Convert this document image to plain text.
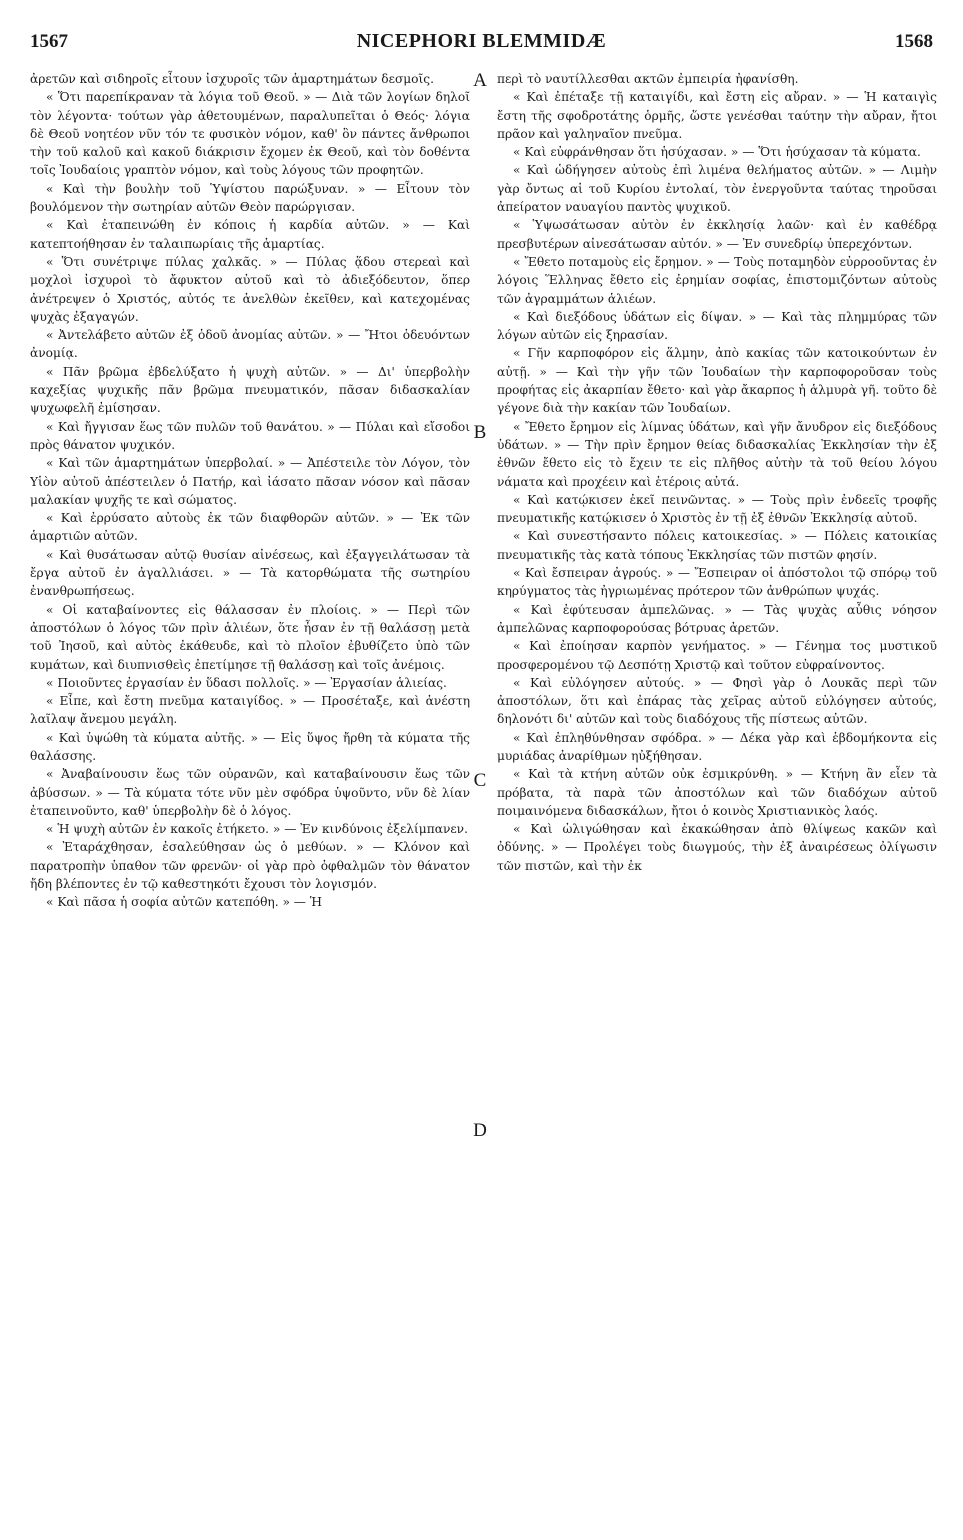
1567	NICEPHORI BLEMMIDÆ	1568

ἀρετῶν καὶ σιδηροῖς εἶτουν ἰσχυροῖς τῶν ἁμαρτημάτων δεσμοῖς.

« Ὅτι παρεπίκραναν τὰ λόγια τοῦ Θεοῦ. » — Διὰ τῶν λογίων δηλοῖ τὸν λέγοντα· τούτων γὰρ ἀθετουμένων, παραλυπεῖται ὁ Θεός· λόγια δὲ Θεοῦ νοητέον νῦν τόν τε φυσικὸν νόμον, καθ' ὃν πάντες ἄνθρωποι τὴν τοῦ καλοῦ καὶ κακοῦ διάκρισιν ἔχομεν ἐκ Θεοῦ, καὶ τὸν δοθέντα τοῖς Ἰουδαίοις γραπτὸν νόμον, καὶ τοὺς λόγους τῶν προφητῶν.

« Καὶ τὴν βουλὴν τοῦ Ὑψίστου παρώξυναν. » — Εἶτουν τὸν βουλόμενον τὴν σωτηρίαν αὐτῶν Θεὸν παρώργισαν.

« Καὶ ἐταπεινώθη ἐν κόποις ἡ καρδία αὐτῶν. » — Καὶ κατεπτοήθησαν ἐν ταλαιπωρίαις τῆς ἁμαρτίας.

« Ὅτι συνέτριψε πύλας χαλκᾶς. » — Πύλας ᾅδου στερεαὶ καὶ μοχλοὶ ἰσχυροὶ τὸ ἄφυκτον αὐτοῦ καὶ τὸ ἀδιεξόδευτον, ὅπερ ἀνέτρεψεν ὁ Χριστός, αὐτός τε ἀνελθὼν ἐκεῖθεν, καὶ κατεχομένας ψυχὰς ἐξαγαγών.

« Ἀντελάβετο αὐτῶν ἐξ ὁδοῦ ἀνομίας αὐτῶν. » — Ἤτοι ὁδευόντων ἀνομίᾳ.

« Πᾶν βρῶμα ἐβδελύξατο ἡ ψυχὴ αὐτῶν. » — Δι' ὑπερβολὴν καχεξίας ψυχικῆς πᾶν βρῶμα πνευματικόν, πᾶσαν διδασκαλίαν ψυχωφελῆ ἐμίσησαν.

« Καὶ ἤγγισαν ἕως τῶν πυλῶν τοῦ θανάτου. » — Πύλαι καὶ εἴσοδοι πρὸς θάνατον ψυχικόν.

« Καὶ τῶν ἁμαρτημάτων ὑπερβολαί. » — Ἀπέστειλε τὸν Λόγον, τὸν Υἱὸν αὐτοῦ ἀπέστειλεν ὁ Πατήρ, καὶ ἰάσατο πᾶσαν νόσον καὶ πᾶσαν μαλακίαν ψυχῆς τε καὶ σώματος.

« Καὶ ἐρρύσατο αὐτοὺς ἐκ τῶν διαφθορῶν αὐτῶν. » — Ἐκ τῶν ἁμαρτιῶν αὐτῶν.

« Καὶ θυσάτωσαν αὐτῷ θυσίαν αἰνέσεως, καὶ ἐξαγγειλάτωσαν τὰ ἔργα αὐτοῦ ἐν ἀγαλλιάσει. » — Τὰ κατορθώματα τῆς σωτηρίου ἐνανθρωπήσεως.

« Οἱ καταβαίνοντες εἰς θάλασσαν ἐν πλοίοις. » — Περὶ τῶν ἀποστόλων ὁ λόγος τῶν πρὶν ἁλιέων, ὅτε ἦσαν ἐν τῇ θαλάσσῃ μετὰ τοῦ Ἰησοῦ, καὶ αὐτὸς ἐκάθευδε, καὶ τὸ πλοῖον ἐβυθίζετο ὑπὸ τῶν κυμάτων, καὶ διυπνισθεὶς ἐπετίμησε τῇ θαλάσσῃ καὶ τοῖς ἀνέμοις.

« Ποιοῦντες ἐργασίαν ἐν ὕδασι πολλοῖς. » — Ἐργασίαν ἁλιείας.

« Εἶπε, καὶ ἔστη πνεῦμα καταιγίδος. » — Προσέταξε, καὶ ἀνέστη λαῖλαψ ἄνεμου μεγάλη.

« Καὶ ὑψώθη τὰ κύματα αὐτῆς. » — Εἰς ὕψος ἤρθη τὰ κύματα τῆς θαλάσσης.

« Ἀναβαίνουσιν ἕως τῶν οὐρανῶν, καὶ καταβαίνουσιν ἕως τῶν ἀβύσσων. » — Τὰ κύματα τότε νῦν μὲν σφόδρα ὑψοῦντο, νῦν δὲ λίαν ἐταπεινοῦντο, καθ' ὑπερβολὴν δὲ ὁ λόγος.

« Ἡ ψυχὴ αὐτῶν ἐν κακοῖς ἐτήκετο. » — Ἐν κινδύνοις ἐξελίμπανεν.

« Ἐταράχθησαν, ἐσαλεύθησαν ὡς ὁ μεθύων. » — Κλόνον καὶ παρατροπὴν ὑπαθον τῶν φρενῶν· οἱ γὰρ πρὸ ὀφθαλμῶν τὸν θάνατον ἤδη βλέποντες ἐν τῷ καθεστηκότι ἔχουσι τὸν λογισμόν.

« Καὶ πᾶσα ἡ σοφία αὐτῶν κατεπόθη. » — Ἡ

περὶ τὸ ναυτίλλεσθαι ακτῶν ἐμπειρία ἠφανίσθη.

« Καὶ ἐπέταξε τῇ καταιγίδι, καὶ ἔστη εἰς αὔραν. » — Ἡ καταιγὶς ἔστη τῆς σφοδροτάτης ὁρμῆς, ὥστε γενέσθαι ταύτην τὴν αὔραν, ἤτοι πρᾶον καὶ γαληναῖον πνεῦμα.

« Καὶ εὐφράνθησαν ὅτι ἡσύχασαν. » — Ὅτι ἡσύχασαν τὰ κύματα.

« Καὶ ὡδήγησεν αὐτοὺς ἐπὶ λιμένα θελήματος αὐτῶν. » — Λιμὴν γὰρ ὄντως αἱ τοῦ Κυρίου ἐντολαί, τὸν ἐνεργοῦντα ταύτας τηροῦσαι ἀπείρατον ναυαγίου παντὸς ψυχικοῦ.

« Ὑψωσάτωσαν αὐτὸν ἐν ἐκκλησίᾳ λαῶν· καὶ ἐν καθέδρᾳ πρεσβυτέρων αἰνεσάτωσαν αὐτόν. » — Ἐν συνεδρίῳ ὑπερεχόντων.

« Ἔθετο ποταμοὺς εἰς ἔρημον. » — Τοὺς ποταμηδὸν εὐρροοῦντας ἐν λόγοις Ἕλληνας ἔθετο εἰς ἐρημίαν σοφίας, ἐπιστομιζόντων αὐτοὺς τῶν ἀγραμμάτων ἁλιέων.

« Καὶ διεξόδους ὑδάτων εἰς δίψαν. » — Καὶ τὰς πλημμύρας τῶν λόγων αὐτῶν εἰς ξηρασίαν.

« Γῆν καρποφόρον εἰς ἅλμην, ἀπὸ κακίας τῶν κατοικούντων ἐν αὐτῇ. » — Καὶ τὴν γῆν τῶν Ἰουδαίων τὴν καρποφοροῦσαν τοὺς προφήτας εἰς ἀκαρπίαν ἔθετο· καὶ γὰρ ἄκαρπος ἡ ἁλμυρὰ γῆ. τοῦτο δὲ γέγονε διὰ τὴν κακίαν τῶν Ἰουδαίων.

« Ἔθετο ἔρημον εἰς λίμνας ὑδάτων, καὶ γῆν ἄνυδρον εἰς διεξόδους ὑδάτων. » — Τὴν πρὶν ἔρημον θείας διδασκαλίας Ἐκκλησίαν τὴν ἐξ ἐθνῶν ἔθετο εἰς τὸ ἔχειν τε εἰς πλῆθος αὐτὴν τὰ τοῦ θείου λόγου νάματα καὶ προχέειν καὶ ἑτέροις αὐτά.

« Καὶ κατῴκισεν ἐκεῖ πεινῶντας. » — Τοὺς πρὶν ἐνδεεῖς τροφῆς πνευματικῆς κατῴκισεν ὁ Χριστὸς ἐν τῇ ἐξ ἐθνῶν Ἐκκλησίᾳ αὐτοῦ.

« Καὶ συνεστήσαντο πόλεις κατοικεσίας. » — Πόλεις κατοικίας πνευματικῆς τὰς κατὰ τόπους Ἐκκλησίας τῶν πιστῶν φησίν.

« Καὶ ἔσπειραν ἀγρούς. » — Ἔσπειραν οἱ ἀπόστολοι τῷ σπόρῳ τοῦ κηρύγματος τὰς ἠγριωμένας πρότερον τῶν ἀνθρώπων ψυχάς.

« Καὶ ἐφύτευσαν ἀμπελῶνας. » — Τὰς ψυχὰς αὖθις νόησον ἀμπελῶνας καρποφορούσας βότρυας ἀρετῶν.

« Καὶ ἐποίησαν καρπὸν γενήματος. » — Γένημα τος μυστικοῦ προσφερομένου τῷ Δεσπότῃ Χριστῷ καὶ τοῦτον εὐφραίνοντος.

« Καὶ εὐλόγησεν αὐτούς. » — Φησὶ γὰρ ὁ Λουκᾶς περὶ τῶν ἀποστόλων, ὅτι καὶ ἐπάρας τὰς χεῖρας αὐτοῦ εὐλόγησεν αὐτούς, δηλονότι δι' αὐτῶν καὶ τοὺς διαδόχους τῆς πίστεως αὐτῶν.

« Καὶ ἐπληθύνθησαν σφόδρα. » — Δέκα γὰρ καὶ ἑβδομήκοντα εἰς μυριάδας ἀναρίθμων ηὐξήθησαν.

« Καὶ τὰ κτήνη αὐτῶν οὐκ ἐσμικρύνθη. » — Κτήνη ἂν εἶεν τὰ πρόβατα, τὰ παρὰ τῶν ἀποστόλων καὶ τῶν διαδόχων αὐτοῦ ποιμαινόμενα διδασκάλων, ἤτοι ὁ κοινὸς Χριστιανικὸς λαός.

« Καὶ ὠλιγώθησαν καὶ ἐκακώθησαν ἀπὸ θλίψεως κακῶν καὶ ὀδύνης. » — Προλέγει τοὺς διωγμούς, τὴν ἐξ ἀναιρέσεως ὀλίγωσιν τῶν πιστῶν, καὶ τὴν ἐκ

A
B
C
D
